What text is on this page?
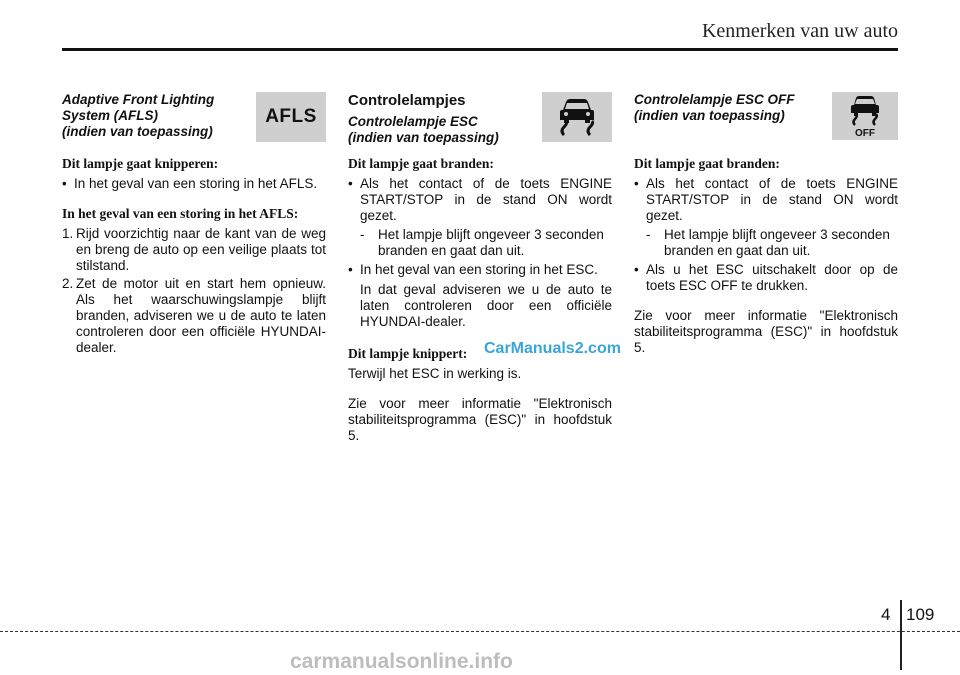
Kenmerken van uw auto

Adaptive Front Lighting

System (AFLS)

(indien van toepassing)

AFLS

Dit lampje gaat knipperen:

• In het geval van een storing in het AFLS.

In het geval van een storing in het AFLS:

1. Rijd voorzichtig naar de kant van de weg en breng de auto op een veilige plaats tot stilstand.
2. Zet de motor uit en start hem opnieuw. Als het waarschuwingslampje blijft branden, adviseren we u de auto te laten controleren door een officiële HYUNDAI-dealer.

Controlelampjes

Controlelampje ESC

(indien van toepassing)

Dit lampje gaat branden:

• Als het contact of de toets ENGINE START/STOP in de stand ON wordt gezet.

- Het lampje blijft ongeveer 3 seconden branden en gaat dan uit.

• In het geval van een storing in het ESC.

In dat geval adviseren we u de auto te laten controleren door een officiële HYUNDAI-dealer.

Dit lampje knippert:

Terwijl het ESC in werking is.

Zie voor meer informatie "Elektronisch stabiliteitsprogramma (ESC)" in hoofdstuk 5.

Controlelampje ESC OFF

(indien van toepassing)

OFF

Dit lampje gaat branden:

• Als het contact of de toets ENGINE START/STOP in de stand ON wordt gezet.

- Het lampje blijft ongeveer 3 seconden branden en gaat dan uit.

• Als u het ESC uitschakelt door op de toets ESC OFF te drukken.

Zie voor meer informatie "Elektronisch stabiliteitsprogramma (ESC)" in hoofdstuk 5.

CarManuals2.com
4 109
carmanualsonline.info
